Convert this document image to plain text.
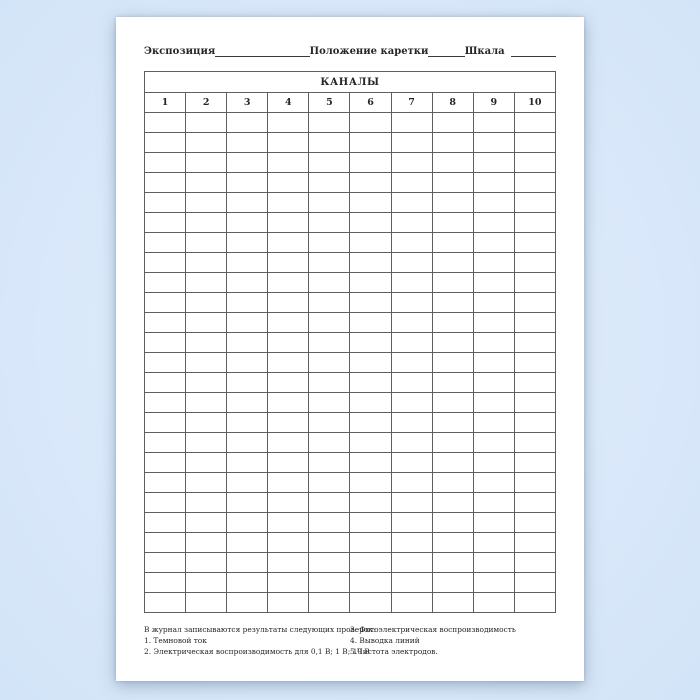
Экспозиция	Положение каретки	Шкала
КАНАЛЫ									
1	2	3	4	5	6	7	8	9	10

В журнал записываются результаты следующих проверок:
1. Темновой ток
2. Электрическая воспроизводимость для 0,1 В; 1 В; 10 В
3. Фотоэлектрическая воспроизводимость
4. Выводка линий
5.Чистота электродов.
